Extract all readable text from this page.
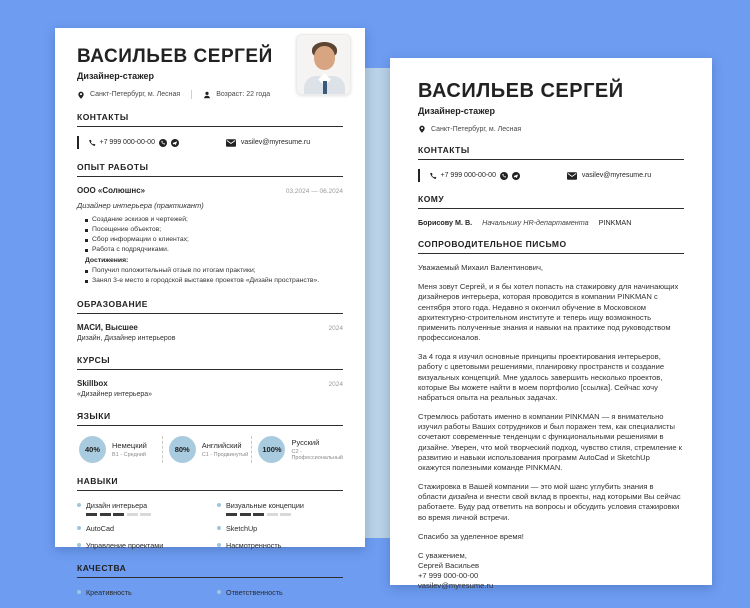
ВАСИЛЬЕВ СЕРГЕЙ
Дизайнер-стажер
Санкт-Петербург, м. Лесная	Возраст: 22 года
КОНТАКТЫ
+7 999 000-00-00	vasilev@myresume.ru
ОПЫТ РАБОТЫ
ООО «Солюшнс»	03.2024 — 06.2024
Дизайнер интерьера (практикант)
Создание эскизов и чертежей;
Посещение объектов;
Сбор информации о клиентах;
Работа с подрядчиками.
Достижения:
Получил положительный отзыв по итогам практики;
Занял 3-е место в городской выставке проектов «Дизайн пространств».
ОБРАЗОВАНИЕ
МАСИ, Высшее	2024
Дизайн, Дизайнер интерьеров
КУРСЫ
Skillbox	2024
«Дизайнер интерьера»
ЯЗЫКИ
40%	Немецкий
B1 - Средний
80%	Английский
C1 - Продвинутый
100%
Русский
C2 - Профессиональный
НАВЫКИ
Дизайн интерьера	Визуальные концепции
AutoCad	SketchUp
Управление проектами	Насмотренность
КАЧЕСТВА
Креативность	Ответственность
ВАСИЛЬЕВ СЕРГЕЙ
Дизайнер-стажер
Санкт-Петербург, м. Лесная
КОНТАКТЫ
+7 999 000-00-00	vasilev@myresume.ru
КОМУ
Борисову М. В. Начальнику HR-департамента PINKMAN
СОПРОВОДИТЕЛЬНОЕ ПИСЬМО

Уважаемый Михаил Валентинович,

Меня зовут Сергей, и я бы хотел попасть на стажировку для начинающих дизайнеров интерьера, которая проводится в компании PINKMAN с сентября этого года. Недавно я окончил обучение в Московском архитектурно-строительном институте и теперь ищу возможность применить полученные знания и навыки на практике под руководством профессионалов.

За 4 года я изучил основные принципы проектирования интерьеров, работу с цветовыми решениями, планировку пространств и создание визуальных концепций. Мне удалось завершить несколько проектов, которые Вы можете найти в моем портфолио [ссылка]. Сейчас хочу набраться опыта на реальных задачах.

Стремлюсь работать именно в компании PINKMAN — я внимательно изучил работы Ваших сотрудников и был поражен тем, как специалисты сочетают современные тенденции с функциональными решениями в дизайне. Уверен, что мой творческий подход, чувство стиля, стремление к развитию и навыки использования программ AutoCad и SketchUp окажутся полезными команде PINKMAN.

Стажировка в Вашей компании — это мой шанс углубить знания в области дизайна и внести свой вклад в проекты, над которыми Вы сейчас работаете. Буду рад ответить на вопросы и обсудить условия стажировки во время личной встречи.

Спасибо за уделенное время!

С уважением,
Сергей Васильев
+7 999 000-00-00
vasilev@myresume.ru
